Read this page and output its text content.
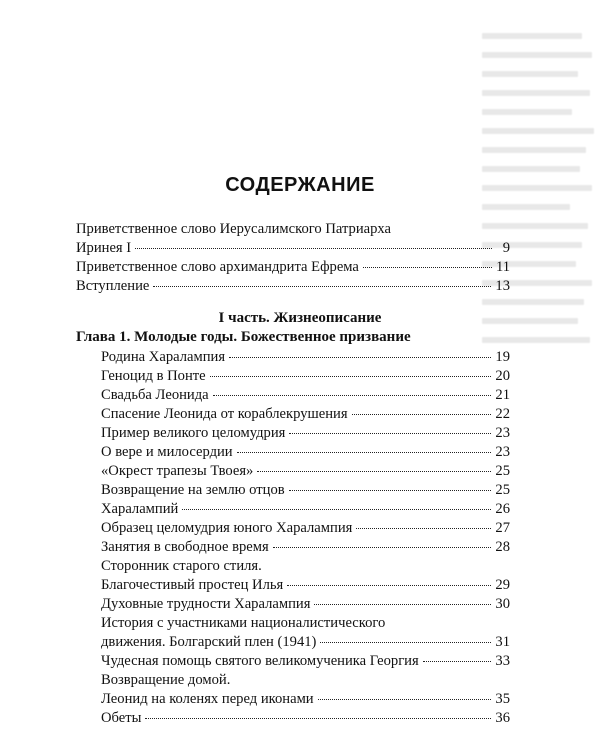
СОДЕРЖАНИЕ
Приветственное слово Иерусалимского Патриарха
Иринея I	9
Приветственное слово архимандрита Ефрема	11
Вступление	13
I часть. Жизнеописание
Глава 1. Молодые годы. Божественное призвание
Родина Харалампия	19
Геноцид в Понте	20
Свадьба Леонида	21
Спасение Леонида от кораблекрушения	22
Пример великого целомудрия	23
О вере и милосердии	23
«Окрест трапезы Твоея»	25
Возвращение на землю отцов	25
Харалампий	26
Образец целомудрия юного Харалампия	27
Занятия в свободное время	28
Сторонник старого стиля.
Благочестивый простец Илья	29
Духовные трудности Харалампия	30
История с участниками националистического
движения. Болгарский плен (1941)	31
Чудесная помощь святого великомученика Георгия	33
Возвращение домой.
Леонид на коленях перед иконами	35
Обеты	36
